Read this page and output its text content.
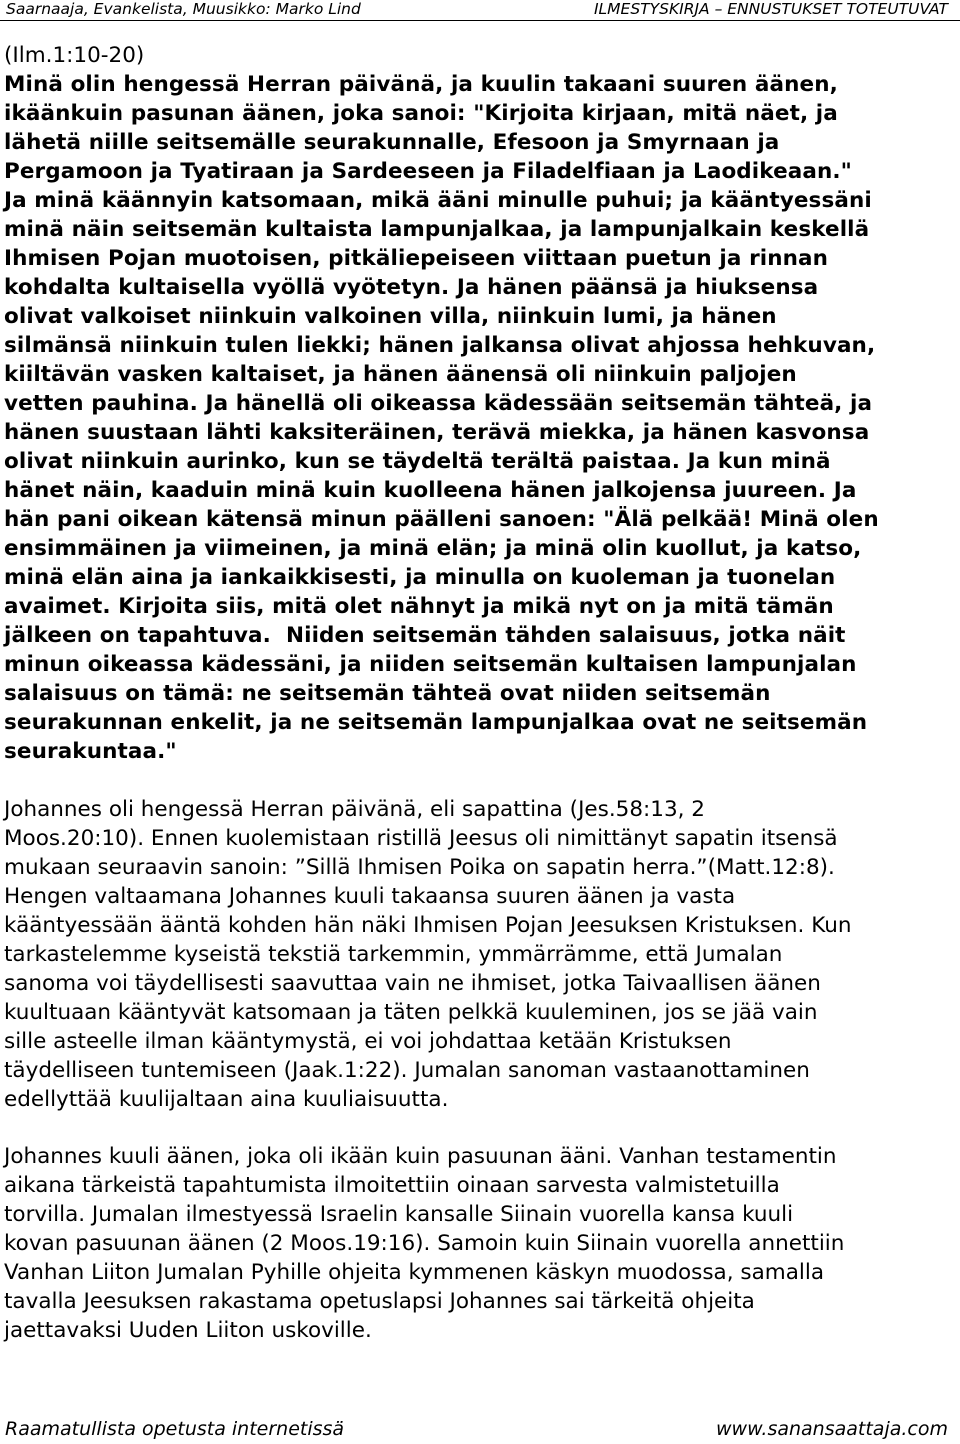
Saarnaaja, Evankelista, Muusikko: Marko Lind	ILMESTYSKIRJA – ENNUSTUKSET TOTEUTUVAT

(Ilm.1:10-20)

Minä olin hengessä Herran päivänä, ja kuulin takaani suuren äänen,
ikäänkuin pasunan äänen, joka sanoi: "Kirjoita kirjaan, mitä näet, ja
lähetä niille seitsemälle seurakunnalle, Efesoon ja Smyrnaan ja
Pergamoon ja Tyatiraan ja Sardeeseen ja Filadelfiaan ja Laodikeaan."
Ja minä käännyin katsomaan, mikä ääni minulle puhui; ja kääntyessäni
minä näin seitsemän kultaista lampunjalkaa, ja lampunjalkain keskellä
Ihmisen Pojan muotoisen, pitkäliepeiseen viittaan puetun ja rinnan
kohdalta kultaisella vyöllä vyötetyn. Ja hänen päänsä ja hiuksensa
olivat valkoiset niinkuin valkoinen villa, niinkuin lumi, ja hänen
silmänsä niinkuin tulen liekki; hänen jalkansa olivat ahjossa hehkuvan,
kiiltävän vasken kaltaiset, ja hänen äänensä oli niinkuin paljojen
vetten pauhina. Ja hänellä oli oikeassa kädessään seitsemän tähteä, ja
hänen suustaan lähti kaksiteräinen, terävä miekka, ja hänen kasvonsa
olivat niinkuin aurinko, kun se täydeltä terältä paistaa. Ja kun minä
hänet näin, kaaduin minä kuin kuolleena hänen jalkojensa juureen. Ja
hän pani oikean kätensä minun päälleni sanoen: "Älä pelkää! Minä olen
ensimmäinen ja viimeinen, ja minä elän; ja minä olin kuollut, ja katso,
minä elän aina ja iankaikkisesti, ja minulla on kuoleman ja tuonelan
avaimet. Kirjoita siis, mitä olet nähnyt ja mikä nyt on ja mitä tämän
jälkeen on tapahtuva.  Niiden seitsemän tähden salaisuus, jotka näit
minun oikeassa kädessäni, ja niiden seitsemän kultaisen lampunjalan
salaisuus on tämä: ne seitsemän tähteä ovat niiden seitsemän
seurakunnan enkelit, ja ne seitsemän lampunjalkaa ovat ne seitsemän
seurakuntaa."

Johannes oli hengessä Herran päivänä, eli sapattina (Jes.58:13, 2
Moos.20:10). Ennen kuolemistaan ristillä Jeesus oli nimittänyt sapatin itsensä
mukaan seuraavin sanoin: ”Sillä Ihmisen Poika on sapatin herra.”(Matt.12:8).
Hengen valtaamana Johannes kuuli takaansa suuren äänen ja vasta
kääntyessään ääntä kohden hän näki Ihmisen Pojan Jeesuksen Kristuksen. Kun
tarkastelemme kyseistä tekstiä tarkemmin, ymmärrämme, että Jumalan
sanoma voi täydellisesti saavuttaa vain ne ihmiset, jotka Taivaallisen äänen
kuultuaan kääntyvät katsomaan ja täten pelkkä kuuleminen, jos se jää vain
sille asteelle ilman kääntymystä, ei voi johdattaa ketään Kristuksen
täydelliseen tuntemiseen (Jaak.1:22). Jumalan sanoman vastaanottaminen
edellyttää kuulijaltaan aina kuuliaisuutta.

Johannes kuuli äänen, joka oli ikään kuin pasuunan ääni. Vanhan testamentin
aikana tärkeistä tapahtumista ilmoitettiin oinaan sarvesta valmistetuilla
torvilla. Jumalan ilmestyessä Israelin kansalle Siinain vuorella kansa kuuli
kovan pasuunan äänen (2 Moos.19:16). Samoin kuin Siinain vuorella annettiin
Vanhan Liiton Jumalan Pyhille ohjeita kymmenen käskyn muodossa, samalla
tavalla Jeesuksen rakastama opetuslapsi Johannes sai tärkeitä ohjeita
jaettavaksi Uuden Liiton uskoville.

Raamatullista opetusta internetissä	www.sanansaattaja.com
